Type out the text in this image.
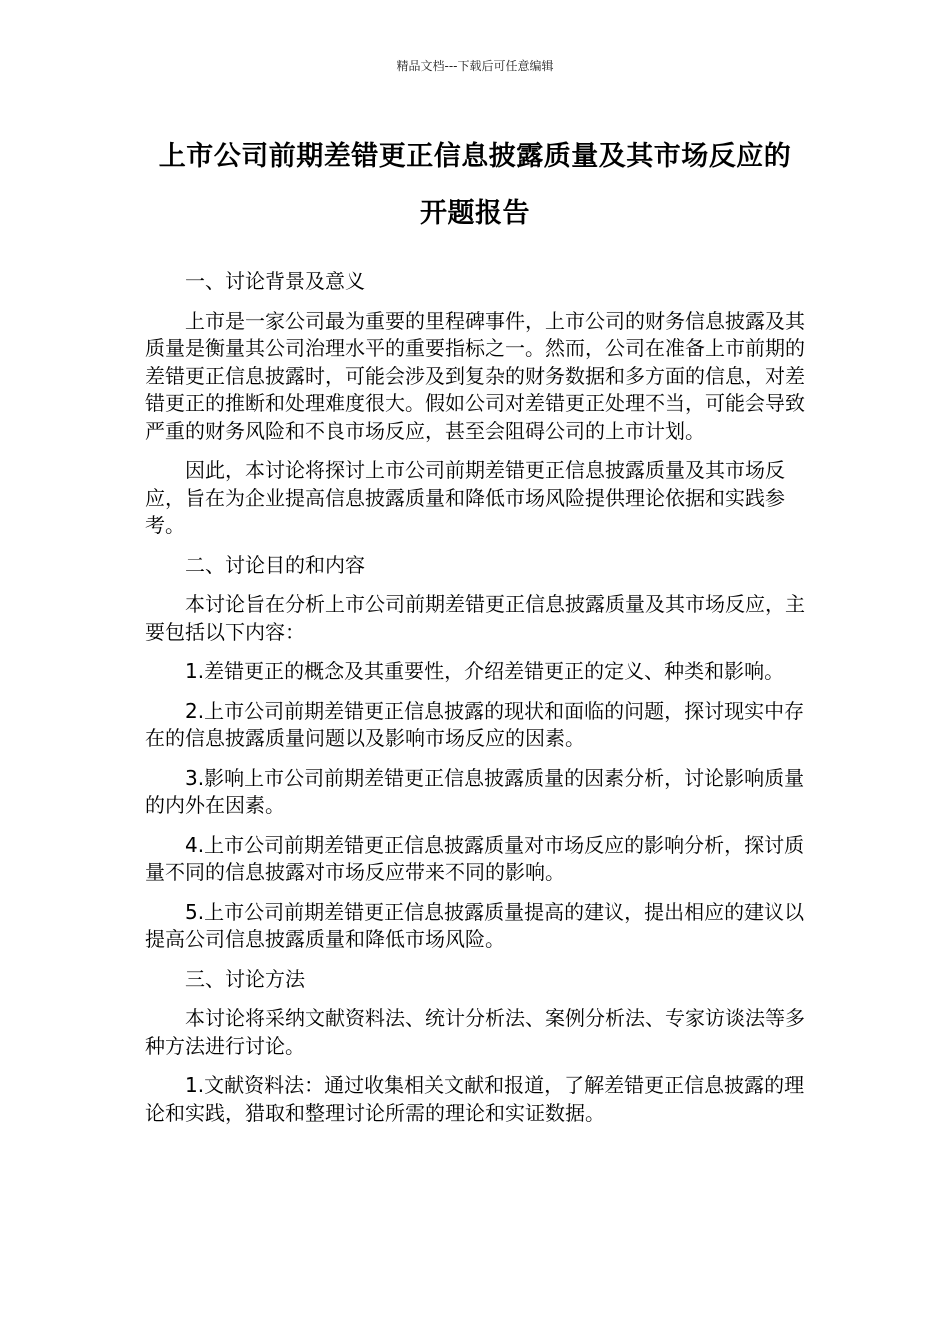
精品文档---下载后可任意编辑
上市公司前期差错更正信息披露质量及其市场反应的
开题报告

一、讨论背景及意义

上市是一家公司最为重要的里程碑事件，上市公司的财务信息披露及其质量是衡量其公司治理水平的重要指标之一。然而，公司在准备上市前期的差错更正信息披露时，可能会涉及到复杂的财务数据和多方面的信息，对差错更正的推断和处理难度很大。假如公司对差错更正处理不当，可能会导致严重的财务风险和不良市场反应，甚至会阻碍公司的上市计划。

因此，本讨论将探讨上市公司前期差错更正信息披露质量及其市场反应，旨在为企业提高信息披露质量和降低市场风险提供理论依据和实践参考。

二、讨论目的和内容

本讨论旨在分析上市公司前期差错更正信息披露质量及其市场反应，主要包括以下内容：

1.差错更正的概念及其重要性，介绍差错更正的定义、种类和影响。

2.上市公司前期差错更正信息披露的现状和面临的问题，探讨现实中存在的信息披露质量问题以及影响市场反应的因素。

3.影响上市公司前期差错更正信息披露质量的因素分析，讨论影响质量的内外在因素。

4.上市公司前期差错更正信息披露质量对市场反应的影响分析，探讨质量不同的信息披露对市场反应带来不同的影响。

5.上市公司前期差错更正信息披露质量提高的建议，提出相应的建议以提高公司信息披露质量和降低市场风险。

三、讨论方法

本讨论将采纳文献资料法、统计分析法、案例分析法、专家访谈法等多种方法进行讨论。

1.文献资料法：通过收集相关文献和报道，了解差错更正信息披露的理论和实践，猎取和整理讨论所需的理论和实证数据。
